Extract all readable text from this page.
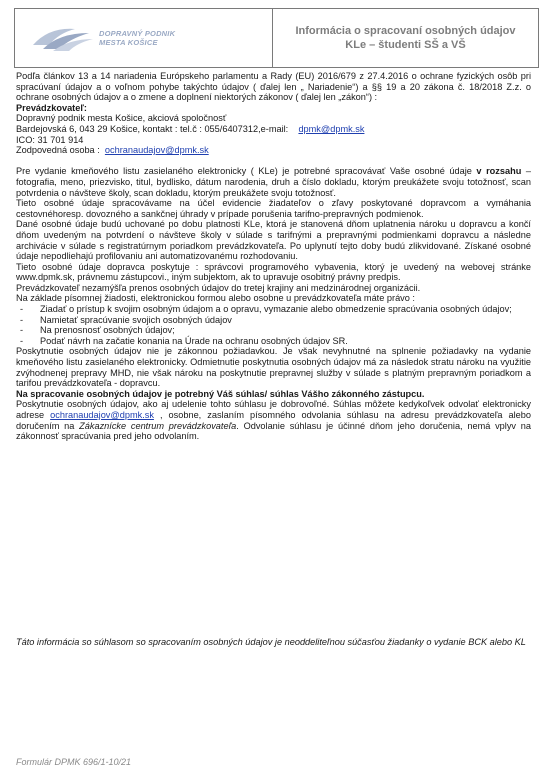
DOPRAVNÝ PODNIK
MESTA KOŠICE
Informácia o spracovaní osobných údajov
KLe – študenti SŠ a VŠ

Podľa článkov 13 a 14 nariadenia Európskeho parlamentu a Rady (EU) 2016/679 z 27.4.2016 o ochrane fyzických osôb pri spracúvaní údajov a o voľnom pohybe takýchto údajov ( ďalej len „ Nariadenie“) a §§ 19 a 20 zákona č. 18/2018 Z.z. o ochrane osobných údajov a o zmene a doplnení niektorých zákonov ( ďalej len „zákon“) :

Prevádzkovateľ:

Dopravný podnik mesta Košice, akciová spoločnosť

Bardejovská 6, 043 29 Košice, kontakt : tel.č : 055/6407312,e-mail: dpmk@dpmk.sk

ICO: 31 701 914

Zodpovedná osoba : ochranaudajov@dpmk.sk

Pre vydanie kmeňového listu zasielaného elektronicky ( KLe) je potrebné spracovávať Vaše osobné údaje v rozsahu – fotografia, meno, priezvisko, titul, bydlisko, dátum narodenia, druh a číslo dokladu, ktorým preukážete svoju totožnosť, scan potvrdenia o návšteve školy, scan dokladu, ktorým preukážete svoju totožnosť.

Tieto osobné údaje spracovávame na účel evidencie žiadateľov o zľavy poskytované dopravcom a vymáhania cestovnéhoresp. dovozného a sankčnej úhrady v prípade porušenia tarifno-prepravných podmienok.

Dané osobné údaje budú uchované po dobu platnosti KLe, ktorá je stanovená dňom uplatnenia nároku u dopravcu a končí dňom uvedeným na potvrdení o návšteve školy v súlade s tarifnými a prepravnými podmienkami dopravcu a následne archivácie v súlade s registratúrnym poriadkom prevádzkovateľa. Po uplynutí tejto doby budú zlikvidované. Získané osobné údaje nepodliehajú profilovaniu ani automatizovanému rozhodovaniu.

Tieto osobné údaje dopravca poskytuje : správcovi programového vybavenia, ktorý je uvedený na webovej stránke www.dpmk.sk, právnemu zástupcovi., iným subjektom, ak to upravuje osobitný právny predpis.

Prevádzkovateľ nezamýšľa prenos osobných údajov do tretej krajiny ani medzinárodnej organizácii.

Na základe písomnej žiadosti, elektronickou formou alebo osobne u prevádzkovateľa máte právo :

- Ziadať o prístup k svojim osobným údajom a o opravu, vymazanie alebo obmedzenie spracúvania osobných údajov;
- Namietať spracúvanie svojich osobných údajov
- Na prenosnosť osobných údajov;
- Podať návrh na začatie konania na Úrade na ochranu osobných údajov SR.

Poskytnutie osobných údajov nie je zákonnou požiadavkou. Je však nevyhnutné na splnenie požiadavky na vydanie kmeňového listu zasielaného elektronicky. Odmietnutie poskytnutia osobných údajov má za následok stratu nároku na využitie zvýhodnenej prepravy MHD, nie však nároku na poskytnutie prepravnej služby v súlade s platným prepravným poriadkom a tarifou prevádzkovateľa - dopravcu.

Na spracovanie osobných údajov je potrebný Váš súhlas/ súhlas Vášho zákonného zástupcu.

Poskytnutie osobných údajov, ako aj udelenie tohto súhlasu je dobrovoľné. Súhlas môžete kedykoľvek odvolať elektronicky adrese ochranaudajov@dpmk.sk , osobne, zaslaním písomného odvolania súhlasu na adresu prevádzkovateľa alebo doručením na Zákaznícke centrum prevádzkovateľa. Odvolanie súhlasu je účinné dňom jeho doručenia, nemá vplyv na zákonnosť spracúvania pred jeho odvolaním.

Táto informácia so súhlasom so spracovaním osobných údajov je neoddeliteľnou súčasťou žiadanky o vydanie BCK alebo KL

Formulár DPMK 696/1-10/21
